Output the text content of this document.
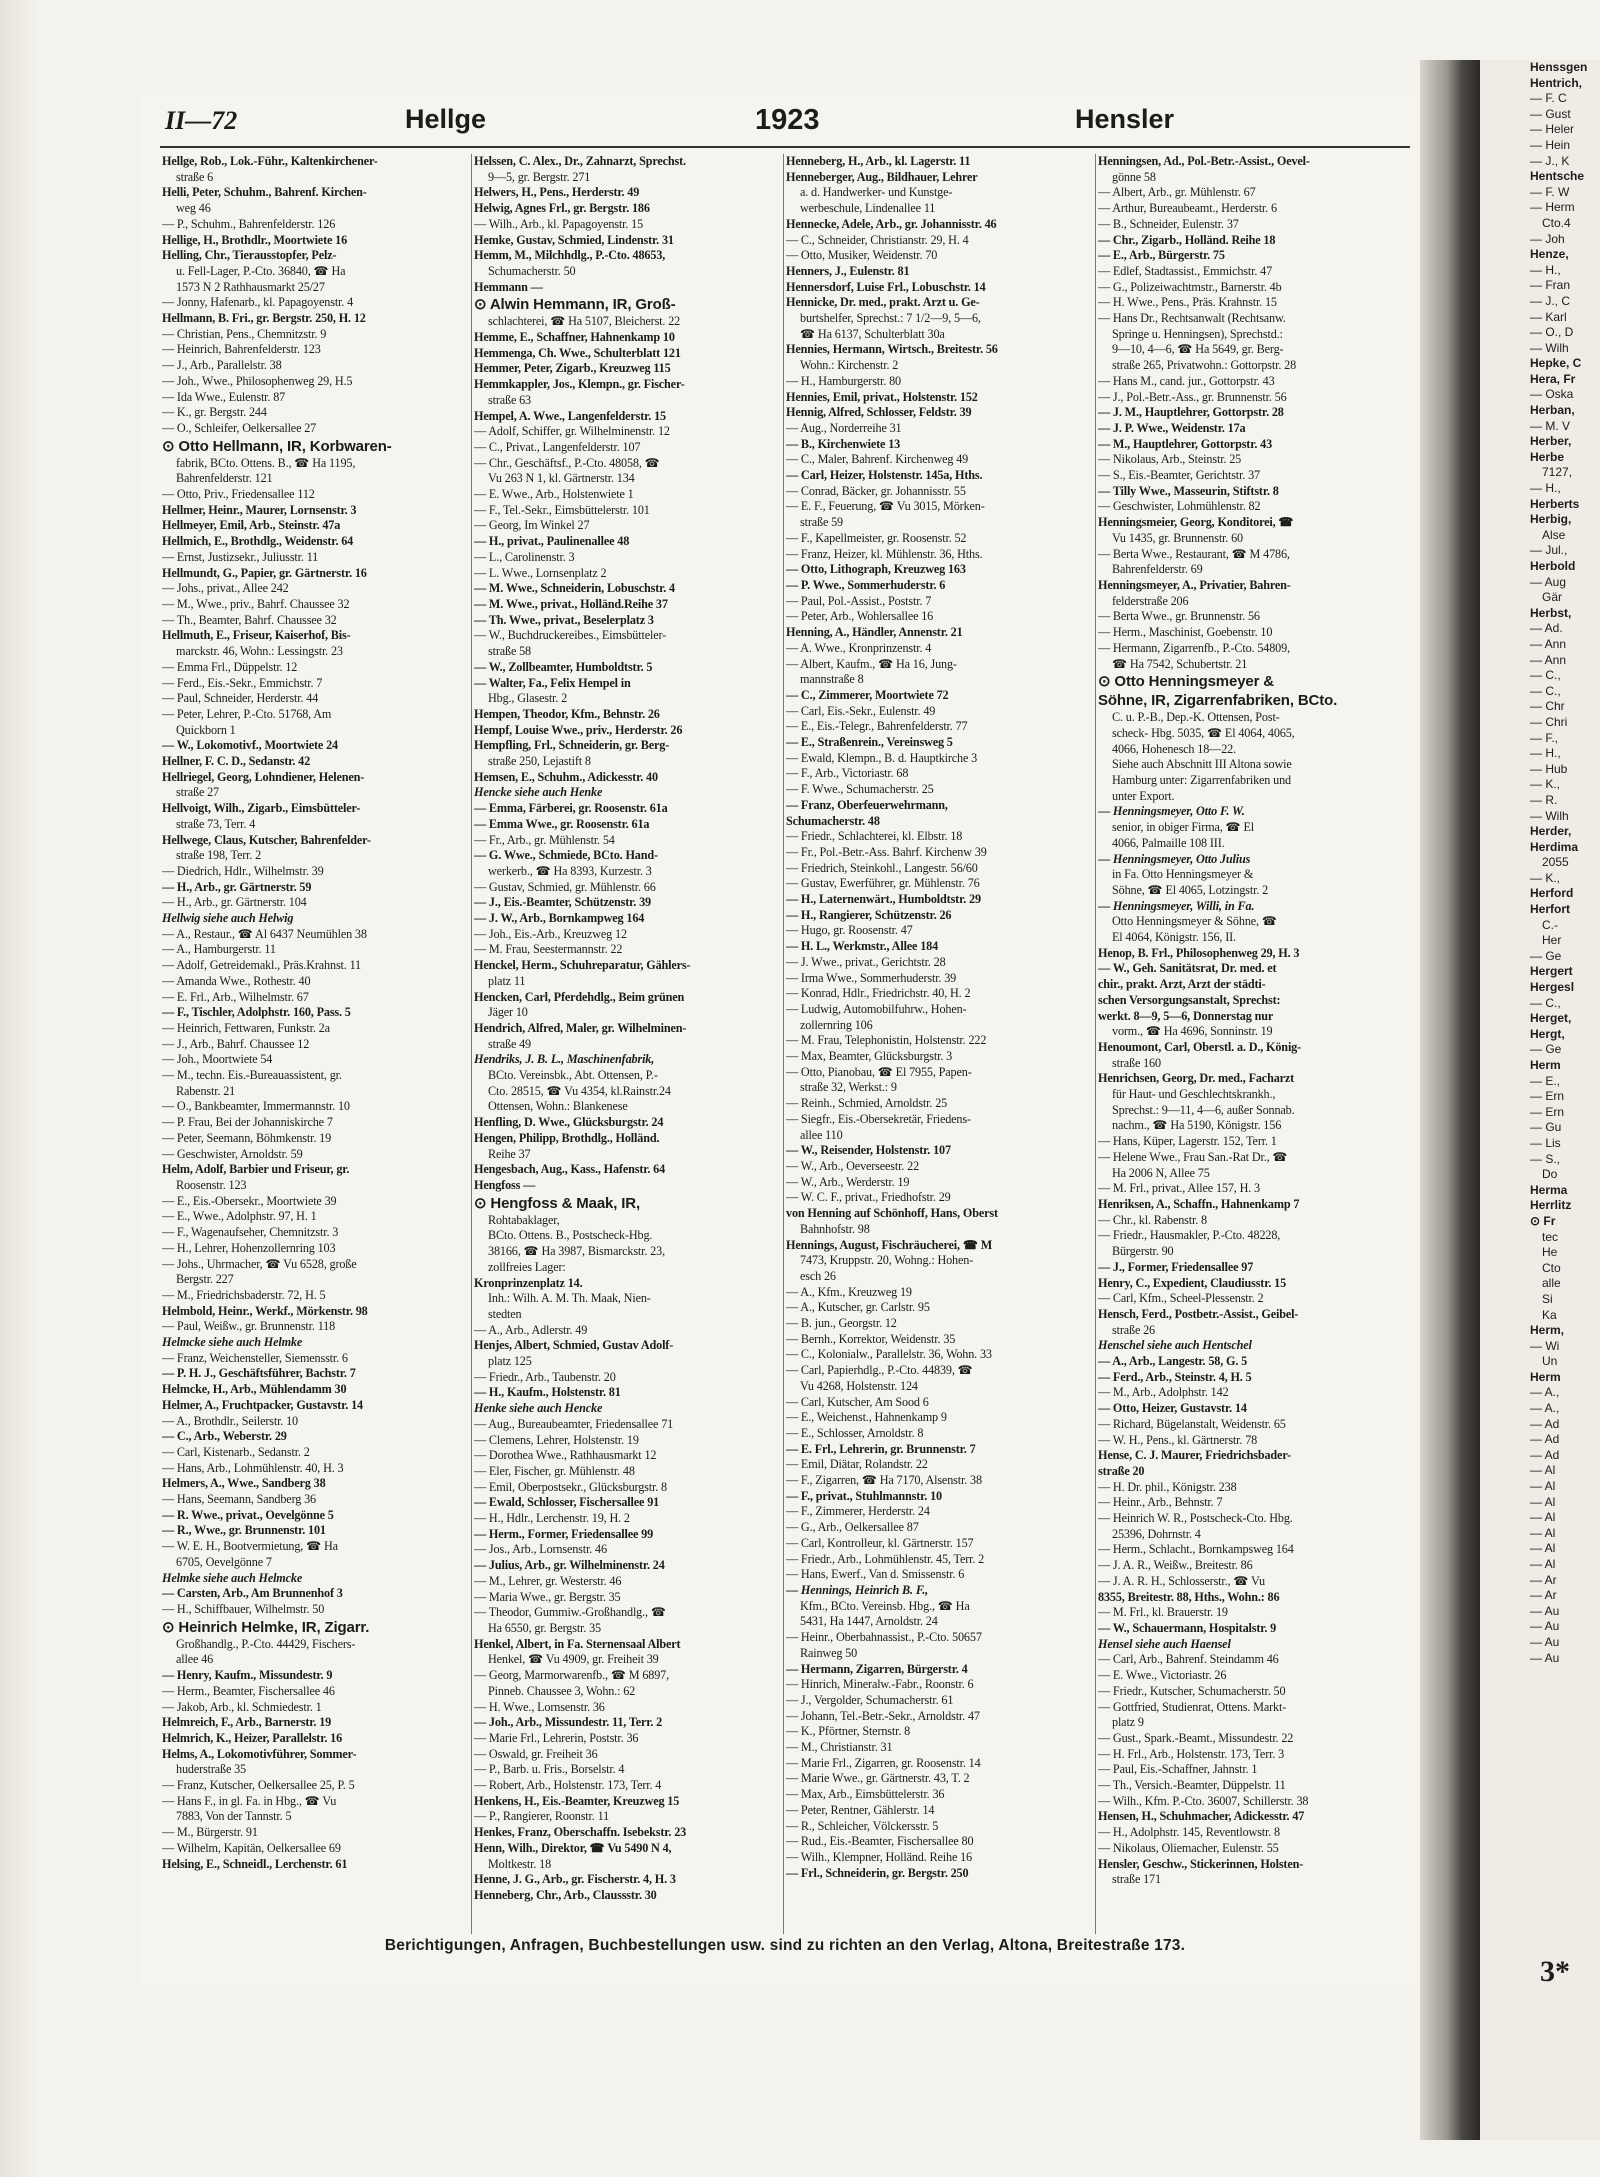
Henssgen
Hentrich,
— F. C
— Gust
— Heler
— Hein
— J., K
Hentsche
— F. W
— Herm
Cto.4
— Joh
Henze,
— H.,
— Fran
— J., C
— Karl
— O., D
— Wilh
Hepke, C
Hera, Fr
— Oska
Herban,
— M. V
Herber,
Herbe
7127,
— H.,
Herberts
Herbig,
Alse
— Jul.,
Herbold
— Aug
Gär
Herbst,
— Ad.
— Ann
— Ann
— C.,
— C.,
— Chr
— Chri
— F.,
— H.,
— Hub
— K.,
— R.
— Wilh
Herder,
Herdima
2055
— K.,
Herford
Herfort
C.-
Her
— Ge
Hergert
Hergesl
— C.,
Herget,
Hergt,
— Ge
Herm
— E.,
— Ern
— Ern
— Gu
— Lis
— S.,
Do
Herma
Herrlitz
⊙ Fr
tec
He
Cto
alle
Si
Ka
Herm,
— Wi
Un
Herm
— A.,
— A.,
— Ad
— Ad
— Ad
— Al
— Al
— Al
— Al
— Al
— Al
— Al
— Ar
— Ar
— Au
— Au
— Au
— Au
3*
II—72	Hellge	1923	Hensler
Hellge, Rob., Lok.-Führ., Kaltenkirchener-
straße 6
Helli, Peter, Schuhm., Bahrenf. Kirchen-
weg 46
— P., Schuhm., Bahrenfelderstr. 126
Hellige, H., Brothdlr., Moortwiete 16
Helling, Chr., Tierausstopfer, Pelz-
u. Fell-Lager, P.-Cto. 36840, ☎ Ha
1573 N 2 Rathhausmarkt 25/27
— Jonny, Hafenarb., kl. Papagoyenstr. 4
Hellmann, B. Fri., gr. Bergstr. 250, H. 12
— Christian, Pens., Chemnitzstr. 9
— Heinrich, Bahrenfelderstr. 123
— J., Arb., Parallelstr. 38
— Joh., Wwe., Philosophenweg 29, H.5
— Ida Wwe., Eulenstr. 87
— K., gr. Bergstr. 244
— O., Schleifer, Oelkersallee 27
⊙ Otto Hellmann, IR, Korbwaren-
fabrik, BCto. Ottens. B., ☎ Ha 1195,
Bahrenfelderstr. 121
— Otto, Priv., Friedensallee 112
Hellmer, Heinr., Maurer, Lornsenstr. 3
Hellmeyer, Emil, Arb., Steinstr. 47a
Hellmich, E., Brothdlg., Weidenstr. 64
— Ernst, Justizsekr., Juliusstr. 11
Hellmundt, G., Papier, gr. Gärtnerstr. 16
— Johs., privat., Allee 242
— M., Wwe., priv., Bahrf. Chaussee 32
— Th., Beamter, Bahrf. Chaussee 32
Hellmuth, E., Friseur, Kaiserhof, Bis-
marckstr. 46, Wohn.: Lessingstr. 23
— Emma Frl., Düppelstr. 12
— Ferd., Eis.-Sekr., Emmichstr. 7
— Paul, Schneider, Herderstr. 44
— Peter, Lehrer, P.-Cto. 51768, Am
Quickborn 1
— W., Lokomotivf., Moortwiete 24
Hellner, F. C. D., Sedanstr. 42
Hellriegel, Georg, Lohndiener, Helenen-
straße 27
Hellvoigt, Wilh., Zigarb., Eimsbütteler-
straße 73, Terr. 4
Hellwege, Claus, Kutscher, Bahrenfelder-
straße 198, Terr. 2
— Diedrich, Hdlr., Wilhelmstr. 39
— H., Arb., gr. Gärtnerstr. 59
— H., Arb., gr. Gärtnerstr. 104
Hellwig siehe auch Helwig
— A., Restaur., ☎ Al 6437 Neumühlen 38
— A., Hamburgerstr. 11
— Adolf, Getreidemakl., Präs.Krahnst. 11
— Amanda Wwe., Rothestr. 40
— E. Frl., Arb., Wilhelmstr. 67
— F., Tischler, Adolphstr. 160, Pass. 5
— Heinrich, Fettwaren, Funkstr. 2a
— J., Arb., Bahrf. Chaussee 12
— Joh., Moortwiete 54
— M., techn. Eis.-Bureauassistent, gr.
Rabenstr. 21
— O., Bankbeamter, Immermannstr. 10
— P. Frau, Bei der Johanniskirche 7
— Peter, Seemann, Böhmkenstr. 19
— Geschwister, Arnoldstr. 59
Helm, Adolf, Barbier und Friseur, gr.
Roosenstr. 123
— E., Eis.-Obersekr., Moortwiete 39
— E., Wwe., Adolphstr. 97, H. 1
— F., Wagenaufseher, Chemnitzstr. 3
— H., Lehrer, Hohenzollernring 103
— Johs., Uhrmacher, ☎ Vu 6528, große
Bergstr. 227
— M., Friedrichsbaderstr. 72, H. 5
Helmbold, Heinr., Werkf., Mörkenstr. 98
— Paul, Weißw., gr. Brunnenstr. 118
Helmcke siehe auch Helmke
— Franz, Weichensteller, Siemensstr. 6
— P. H. J., Geschäftsführer, Bachstr. 7
Helmcke, H., Arb., Mühlendamm 30
Helmer, A., Fruchtpacker, Gustavstr. 14
— A., Brothdlr., Seilerstr. 10
— C., Arb., Weberstr. 29
— Carl, Kistenarb., Sedanstr. 2
— Hans, Arb., Lohmühlenstr. 40, H. 3
Helmers, A., Wwe., Sandberg 38
— Hans, Seemann, Sandberg 36
— R. Wwe., privat., Oevelgönne 5
— R., Wwe., gr. Brunnenstr. 101
— W. E. H., Bootvermietung, ☎ Ha
6705, Oevelgönne 7
Helmke siehe auch Helmcke
— Carsten, Arb., Am Brunnenhof 3
— H., Schiffbauer, Wilhelmstr. 50
⊙ Heinrich Helmke, IR, Zigarr.
Großhandlg., P.-Cto. 44429, Fischers-
allee 46
— Henry, Kaufm., Missundestr. 9
— Herm., Beamter, Fischersallee 46
— Jakob, Arb., kl. Schmiedestr. 1
Helmreich, F., Arb., Barnerstr. 19
Helmrich, K., Heizer, Parallelstr. 16
Helms, A., Lokomotivführer, Sommer-
huderstraße 35
— Franz, Kutscher, Oelkersallee 25, P. 5
— Hans F., in gl. Fa. in Hbg., ☎ Vu
7883, Von der Tannstr. 5
— M., Bürgerstr. 91
— Wilhelm, Kapitän, Oelkersallee 69
Helsing, E., Schneidl., Lerchenstr. 61
Helssen, C. Alex., Dr., Zahnarzt, Sprechst.
9—5, gr. Bergstr. 271
Helwers, H., Pens., Herderstr. 49
Helwig, Agnes Frl., gr. Bergstr. 186
— Wilh., Arb., kl. Papagoyenstr. 15
Hemke, Gustav, Schmied, Lindenstr. 31
Hemm, M., Milchhdlg., P.-Cto. 48653,
Schumacherstr. 50
Hemmann —
⊙ Alwin Hemmann, IR, Groß-
schlachterei, ☎ Ha 5107, Bleicherst. 22
Hemme, E., Schaffner, Hahnenkamp 10
Hemmenga, Ch. Wwe., Schulterblatt 121
Hemmer, Peter, Zigarb., Kreuzweg 115
Hemmkappler, Jos., Klempn., gr. Fischer-
straße 63
Hempel, A. Wwe., Langenfelderstr. 15
— Adolf, Schiffer, gr. Wilhelminenstr. 12
— C., Privat., Langenfelderstr. 107
— Chr., Geschäftsf., P.-Cto. 48058, ☎
Vu 263 N 1, kl. Gärtnerstr. 134
— E. Wwe., Arb., Holstenwiete 1
— F., Tel.-Sekr., Eimsbüttelerstr. 101
— Georg, Im Winkel 27
— H., privat., Paulinenallee 48
— L., Carolinenstr. 3
— L. Wwe., Lornsenplatz 2
— M. Wwe., Schneiderin, Lobuschstr. 4
— M. Wwe., privat., Holländ.Reihe 37
— Th. Wwe., privat., Beselerplatz 3
— W., Buchdruckereibes., Eimsbütteler-
straße 58
— W., Zollbeamter, Humboldtstr. 5
— Walter, Fa., Felix Hempel in
Hbg., Glasestr. 2
Hempen, Theodor, Kfm., Behnstr. 26
Hempf, Louise Wwe., priv., Herderstr. 26
Hempfling, Frl., Schneiderin, gr. Berg-
straße 250, Lejastift 8
Hemsen, E., Schuhm., Adickesstr. 40
Hencke siehe auch Henke
— Emma, Färberei, gr. Roosenstr. 61a
— Emma Wwe., gr. Roosenstr. 61a
— Fr., Arb., gr. Mühlenstr. 54
— G. Wwe., Schmiede, BCto. Hand-
werkerb., ☎ Ha 8393, Kurzestr. 3
— Gustav, Schmied, gr. Mühlenstr. 66
— J., Eis.-Beamter, Schützenstr. 39
— J. W., Arb., Bornkampweg 164
— Joh., Eis.-Arb., Kreuzweg 12
— M. Frau, Seestermannstr. 22
Henckel, Herm., Schuhreparatur, Gählers-
platz 11
Hencken, Carl, Pferdehdlg., Beim grünen
Jäger 10
Hendrich, Alfred, Maler, gr. Wilhelminen-
straße 49
Hendriks, J. B. L., Maschinenfabrik,
BCto. Vereinsbk., Abt. Ottensen, P.-
Cto. 28515, ☎ Vu 4354, kl.Rainstr.24
Ottensen, Wohn.: Blankenese
Henfling, D. Wwe., Glücksburgstr. 24
Hengen, Philipp, Brothdlg., Holländ.
Reihe 37
Hengesbach, Aug., Kass., Hafenstr. 64
Hengfoss —
⊙ Hengfoss & Maak, IR,
Rohtabaklager,
BCto. Ottens. B., Postscheck-Hbg.
38166, ☎ Ha 3987, Bismarckstr. 23,
zollfreies Lager:
Kronprinzenplatz 14.
Inh.: Wilh. A. M. Th. Maak, Nien-
stedten
— A., Arb., Adlerstr. 49
Henjes, Albert, Schmied, Gustav Adolf-
platz 125
— Friedr., Arb., Taubenstr. 20
— H., Kaufm., Holstenstr. 81
Henke siehe auch Hencke
— Aug., Bureaubeamter, Friedensallee 71
— Clemens, Lehrer, Holstenstr. 19
— Dorothea Wwe., Rathhausmarkt 12
— Eler, Fischer, gr. Mühlenstr. 48
— Emil, Oberpostsekr., Glücksburgstr. 8
— Ewald, Schlosser, Fischersallee 91
— H., Hdlr., Lerchenstr. 19, H. 2
— Herm., Former, Friedensallee 99
— Jos., Arb., Lornsenstr. 46
— Julius, Arb., gr. Wilhelminenstr. 24
— M., Lehrer, gr. Westerstr. 46
— Maria Wwe., gr. Bergstr. 35
— Theodor, Gummiw.-Großhandlg., ☎
Ha 6550, gr. Bergstr. 35
Henkel, Albert, in Fa. Sternensaal Albert
Henkel, ☎ Vu 4909, gr. Freiheit 39
— Georg, Marmorwarenfb., ☎ M 6897,
Pinneb. Chaussee 3, Wohn.: 62
— H. Wwe., Lornsenstr. 36
— Joh., Arb., Missundestr. 11, Terr. 2
— Marie Frl., Lehrerin, Poststr. 36
— Oswald, gr. Freiheit 36
— P., Barb. u. Fris., Borselstr. 4
— Robert, Arb., Holstenstr. 173, Terr. 4
Henkens, H., Eis.-Beamter, Kreuzweg 15
— P., Rangierer, Roonstr. 11
Henkes, Franz, Oberschaffn. Isebekstr. 23
Henn, Wilh., Direktor, ☎ Vu 5490 N 4,
Moltkestr. 18
Henne, J. G., Arb., gr. Fischerstr. 4, H. 3
Henneberg, Chr., Arb., Claussstr. 30
Henneberg, H., Arb., kl. Lagerstr. 11
Henneberger, Aug., Bildhauer, Lehrer
a. d. Handwerker- und Kunstge-
werbeschule, Lindenallee 11
Hennecke, Adele, Arb., gr. Johannisstr. 46
— C., Schneider, Christianstr. 29, H. 4
— Otto, Musiker, Weidenstr. 70
Henners, J., Eulenstr. 81
Hennersdorf, Luise Frl., Lobuschstr. 14
Hennicke, Dr. med., prakt. Arzt u. Ge-
burtshelfer, Sprechst.: 7 1/2—9, 5—6,
☎ Ha 6137, Schulterblatt 30a
Hennies, Hermann, Wirtsch., Breitestr. 56
Wohn.: Kirchenstr. 2
— H., Hamburgerstr. 80
Hennies, Emil, privat., Holstenstr. 152
Hennig, Alfred, Schlosser, Feldstr. 39
— Aug., Norderreihe 31
— B., Kirchenwiete 13
— C., Maler, Bahrenf. Kirchenweg 49
— Carl, Heizer, Holstenstr. 145a, Hths.
— Conrad, Bäcker, gr. Johannisstr. 55
— E. F., Feuerung, ☎ Vu 3015, Mörken-
straße 59
— F., Kapellmeister, gr. Roosenstr. 52
— Franz, Heizer, kl. Mühlenstr. 36, Hths.
— Otto, Lithograph, Kreuzweg 163
— P. Wwe., Sommerhuderstr. 6
— Paul, Pol.-Assist., Poststr. 7
— Peter, Arb., Wohlersallee 16
Henning, A., Händler, Annenstr. 21
— A. Wwe., Kronprinzenstr. 4
— Albert, Kaufm., ☎ Ha 16, Jung-
mannstraße 8
— C., Zimmerer, Moortwiete 72
— Carl, Eis.-Sekr., Eulenstr. 49
— E., Eis.-Telegr., Bahrenfelderstr. 77
— E., Straßenrein., Vereinsweg 5
— Ewald, Klempn., B. d. Hauptkirche 3
— F., Arb., Victoriastr. 68
— F. Wwe., Schumacherstr. 25
— Franz, Oberfeuerwehrmann,
Schumacherstr. 48
— Friedr., Schlachterei, kl. Elbstr. 18
— Fr., Pol.-Betr.-Ass. Bahrf. Kirchenw 39
— Friedrich, Steinkohl., Langestr. 56/60
— Gustav, Ewerführer, gr. Mühlenstr. 76
— H., Laternenwärt., Humboldtstr. 29
— H., Rangierer, Schützenstr. 26
— Hugo, gr. Roosenstr. 47
— H. L., Werkmstr., Allee 184
— J. Wwe., privat., Gerichtstr. 28
— Irma Wwe., Sommerhuderstr. 39
— Konrad, Hdlr., Friedrichstr. 40, H. 2
— Ludwig, Automobilfuhrw., Hohen-
zollernring 106
— M. Frau, Telephonistin, Holstenstr. 222
— Max, Beamter, Glücksburgstr. 3
— Otto, Pianobau, ☎ El 7955, Papen-
straße 32, Werkst.: 9
— Reinh., Schmied, Arnoldstr. 25
— Siegfr., Eis.-Obersekretär, Friedens-
allee 110
— W., Reisender, Holstenstr. 107
— W., Arb., Oeverseestr. 22
— W., Arb., Werderstr. 19
— W. C. F., privat., Friedhofstr. 29
von Henning auf Schönhoff, Hans, Oberst
Bahnhofstr. 98
Hennings, August, Fischräucherei, ☎ M
7473, Kruppstr. 20, Wohng.: Hohen-
esch 26
— A., Kfm., Kreuzweg 19
— A., Kutscher, gr. Carlstr. 95
— B. jun., Georgstr. 12
— Bernh., Korrektor, Weidenstr. 35
— C., Kolonialw., Parallelstr. 36, Wohn. 33
— Carl, Papierhdlg., P.-Cto. 44839, ☎
Vu 4268, Holstenstr. 124
— Carl, Kutscher, Am Sood 6
— E., Weichenst., Hahnenkamp 9
— E., Schlosser, Arnoldstr. 8
— E. Frl., Lehrerin, gr. Brunnenstr. 7
— Emil, Diätar, Rolandstr. 22
— F., Zigarren, ☎ Ha 7170, Alsenstr. 38
— F., privat., Stuhlmannstr. 10
— F., Zimmerer, Herderstr. 24
— G., Arb., Oelkersallee 87
— Carl, Kontrolleur, kl. Gärtnerstr. 157
— Friedr., Arb., Lohmühlenstr. 45, Terr. 2
— Hans, Ewerf., Van d. Smissenstr. 6
— Hennings, Heinrich B. F.,
Kfm., BCto. Vereinsb. Hbg., ☎ Ha
5431, Ha 1447, Arnoldstr. 24
— Heinr., Oberbahnassist., P.-Cto. 50657
Rainweg 50
— Hermann, Zigarren, Bürgerstr. 4
— Hinrich, Mineralw.-Fabr., Roonstr. 6
— J., Vergolder, Schumacherstr. 61
— Johann, Tel.-Betr.-Sekr., Arnoldstr. 47
— K., Pförtner, Sternstr. 8
— M., Christianstr. 31
— Marie Frl., Zigarren, gr. Roosenstr. 14
— Marie Wwe., gr. Gärtnerstr. 43, T. 2
— Max, Arb., Eimsbüttelerstr. 36
— Peter, Rentner, Gählerstr. 14
— R., Schleicher, Völckersstr. 5
— Rud., Eis.-Beamter, Fischersallee 80
— Wilh., Klempner, Holländ. Reihe 16
— Frl., Schneiderin, gr. Bergstr. 250
Henningsen, Ad., Pol.-Betr.-Assist., Oevel-
gönne 58
— Albert, Arb., gr. Mühlenstr. 67
— Arthur, Bureaubeamt., Herderstr. 6
— B., Schneider, Eulenstr. 37
— Chr., Zigarb., Holländ. Reihe 18
— E., Arb., Bürgerstr. 75
— Edlef, Stadtassist., Emmichstr. 47
— G., Polizeiwachtmstr., Barnerstr. 4b
— H. Wwe., Pens., Präs. Krahnstr. 15
— Hans Dr., Rechtsanwalt (Rechtsanw.
Springe u. Henningsen), Sprechstd.:
9—10, 4—6, ☎ Ha 5649, gr. Berg-
straße 265, Privatwohn.: Gottorpstr. 28
— Hans M., cand. jur., Gottorpstr. 43
— J., Pol.-Betr.-Ass., gr. Brunnenstr. 56
— J. M., Hauptlehrer, Gottorpstr. 28
— J. P. Wwe., Weidenstr. 17a
— M., Hauptlehrer, Gottorpstr. 43
— Nikolaus, Arb., Steinstr. 25
— S., Eis.-Beamter, Gerichtstr. 37
— Tilly Wwe., Masseurin, Stiftstr. 8
— Geschwister, Lohmühlenstr. 82
Henningsmeier, Georg, Konditorei, ☎
Vu 1435, gr. Brunnenstr. 60
— Berta Wwe., Restaurant, ☎ M 4786,
Bahrenfelderstr. 69
Henningsmeyer, A., Privatier, Bahren-
felderstraße 206
— Berta Wwe., gr. Brunnenstr. 56
— Herm., Maschinist, Goebenstr. 10
— Hermann, Zigarrenfb., P.-Cto. 54809,
☎ Ha 7542, Schubertstr. 21
⊙ Otto Henningsmeyer &
Söhne, IR, Zigarrenfabriken, BCto.
C. u. P.-B., Dep.-K. Ottensen, Post-
scheck- Hbg. 5035, ☎ El 4064, 4065,
4066, Hohenesch 18—22.
Siehe auch Abschnitt III Altona sowie
Hamburg unter: Zigarrenfabriken und
unter Export.
— Henningsmeyer, Otto F. W.
senior, in obiger Firma, ☎ El
4066, Palmaille 108 III.
— Henningsmeyer, Otto Julius
in Fa. Otto Henningsmeyer &
Söhne, ☎ El 4065, Lotzingstr. 2
— Henningsmeyer, Willi, in Fa.
Otto Henningsmeyer & Söhne, ☎
El 4064, Königstr. 156, II.
Henop, B. Frl., Philosophenweg 29, H. 3
— W., Geh. Sanitätsrat, Dr. med. et
chir., prakt. Arzt, Arzt der städti-
schen Versorgungsanstalt, Sprechst:
werkt. 8—9, 5—6, Donnerstag nur
vorm., ☎ Ha 4696, Sonninstr. 19
Henoumont, Carl, Oberstl. a. D., König-
straße 160
Henrichsen, Georg, Dr. med., Facharzt
für Haut- und Geschlechtskrankh.,
Sprechst.: 9—11, 4—6, außer Sonnab.
nachm., ☎ Ha 5190, Königstr. 156
— Hans, Küper, Lagerstr. 152, Terr. 1
— Helene Wwe., Frau San.-Rat Dr., ☎
Ha 2006 N, Allee 75
— M. Frl., privat., Allee 157, H. 3
Henriksen, A., Schaffn., Hahnenkamp 7
— Chr., kl. Rabenstr. 8
— Friedr., Hausmakler, P.-Cto. 48228,
Bürgerstr. 90
— J., Former, Friedensallee 97
Henry, C., Expedient, Claudiusstr. 15
— Carl, Kfm., Scheel-Plessenstr. 2
Hensch, Ferd., Postbetr.-Assist., Geibel-
straße 26
Henschel siehe auch Hentschel
— A., Arb., Langestr. 58, G. 5
— Ferd., Arb., Steinstr. 4, H. 5
— M., Arb., Adolphstr. 142
— Otto, Heizer, Gustavstr. 14
— Richard, Bügelanstalt, Weidenstr. 65
— W. H., Pens., kl. Gärtnerstr. 78
Hense, C. J. Maurer, Friedrichsbader-
straße 20
— H. Dr. phil., Königstr. 238
— Heinr., Arb., Behnstr. 7
— Heinrich W. R., Postscheck-Cto. Hbg.
25396, Dohrnstr. 4
— Herm., Schlacht., Bornkampsweg 164
— J. A. R., Weißw., Breitestr. 86
— J. A. R. H., Schlosserstr., ☎ Vu
8355, Breitestr. 88, Hths., Wohn.: 86
— M. Frl., kl. Brauerstr. 19
— W., Schauermann, Hospitalstr. 9
Hensel siehe auch Haensel
— Carl, Arb., Bahrenf. Steindamm 46
— E. Wwe., Victoriastr. 26
— Friedr., Kutscher, Schumacherstr. 50
— Gottfried, Studienrat, Ottens. Markt-
platz 9
— Gust., Spark.-Beamt., Missundestr. 22
— H. Frl., Arb., Holstenstr. 173, Terr. 3
— Paul, Eis.-Schaffner, Jahnstr. 1
— Th., Versich.-Beamter, Düppelstr. 11
— Wilh., Kfm. P.-Cto. 36007, Schillerstr. 38
Hensen, H., Schuhmacher, Adickesstr. 47
— H., Adolphstr. 145, Reventlowstr. 8
— Nikolaus, Oliemacher, Eulenstr. 55
Hensler, Geschw., Stickerinnen, Holsten-
straße 171
Berichtigungen, Anfragen, Buchbestellungen usw. sind zu richten an den Verlag, Altona, Breitestraße 173.
